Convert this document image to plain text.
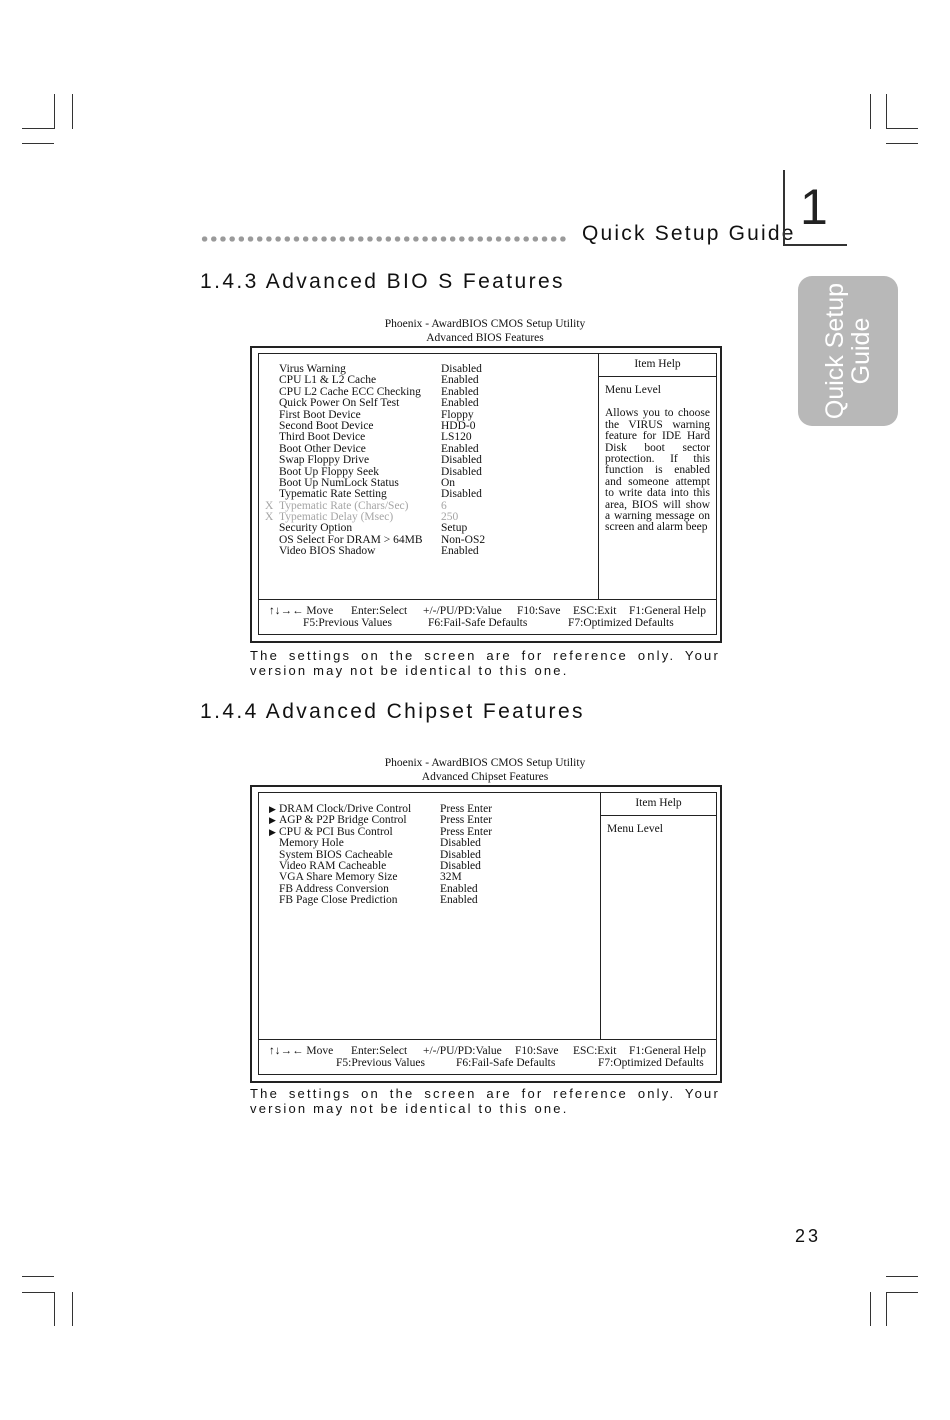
Quick Setup Guide 1
Quick Setup
Guide
1.4.3 Advanced BIO S Features
Phoenix - AwardBIOS CMOS Setup Utility
Advanced BIOS Features
Virus Warning	Disabled
CPU L1 & L2 Cache	Enabled
CPU L2 Cache ECC Checking Enabled
Quick Power On Self Test	Enabled
First Boot Device	Floppy
Second Boot Device	HDD-0
Third Boot Device	LS120
Boot Other Device	Enabled
Swap Floppy Drive	Disabled
Boot Up Floppy Seek	Disabled
Boot Up NumLock Status	On
Typematic Rate Setting	Disabled
X Typematic Rate (Chars/Sec)	6
X Typematic Delay (Msec)	250
Security Option	Setup
OS Select For DRAM > 64MB Non-OS2
Video BIOS Shadow	Enabled
Item Help
Menu Level
Allows you to choose the VIRUS warning feature for IDE Hard Disk boot sector protection. If this function is enabled and someone attempt to write data into this area, BIOS will show a warning message on screen and alarm beep
↑↓→← Move Enter:Select +/-/PU/PD:Value F10:Save ESC:Exit F1:General Help
F5:Previous Values	F6:Fail-Safe Defaults	F7:Optimized Defaults
The settings on the screen are for reference only. Your version may not be identical to this one.
1.4.4 Advanced Chipset Features
Phoenix - AwardBIOS CMOS Setup Utility
Advanced Chipset Features
▶ DRAM Clock/Drive Control	Press Enter
▶ AGP & P2P Bridge Control	Press Enter
▶ CPU & PCI Bus Control	Press Enter
Memory Hole	Disabled
System BIOS Cacheable	Disabled
Video RAM Cacheable	Disabled
VGA Share Memory Size	32M
FB Address Conversion	Enabled
FB Page Close Prediction	Enabled
Item Help
Menu Level
↑↓→← Move Enter:Select +/-/PU/PD:Value F10:Save ESC:Exit F1:General Help
F5:Previous Values	F6:Fail-Safe Defaults	F7:Optimized Defaults
The settings on the screen are for reference only. Your version may not be identical to this one.
23
